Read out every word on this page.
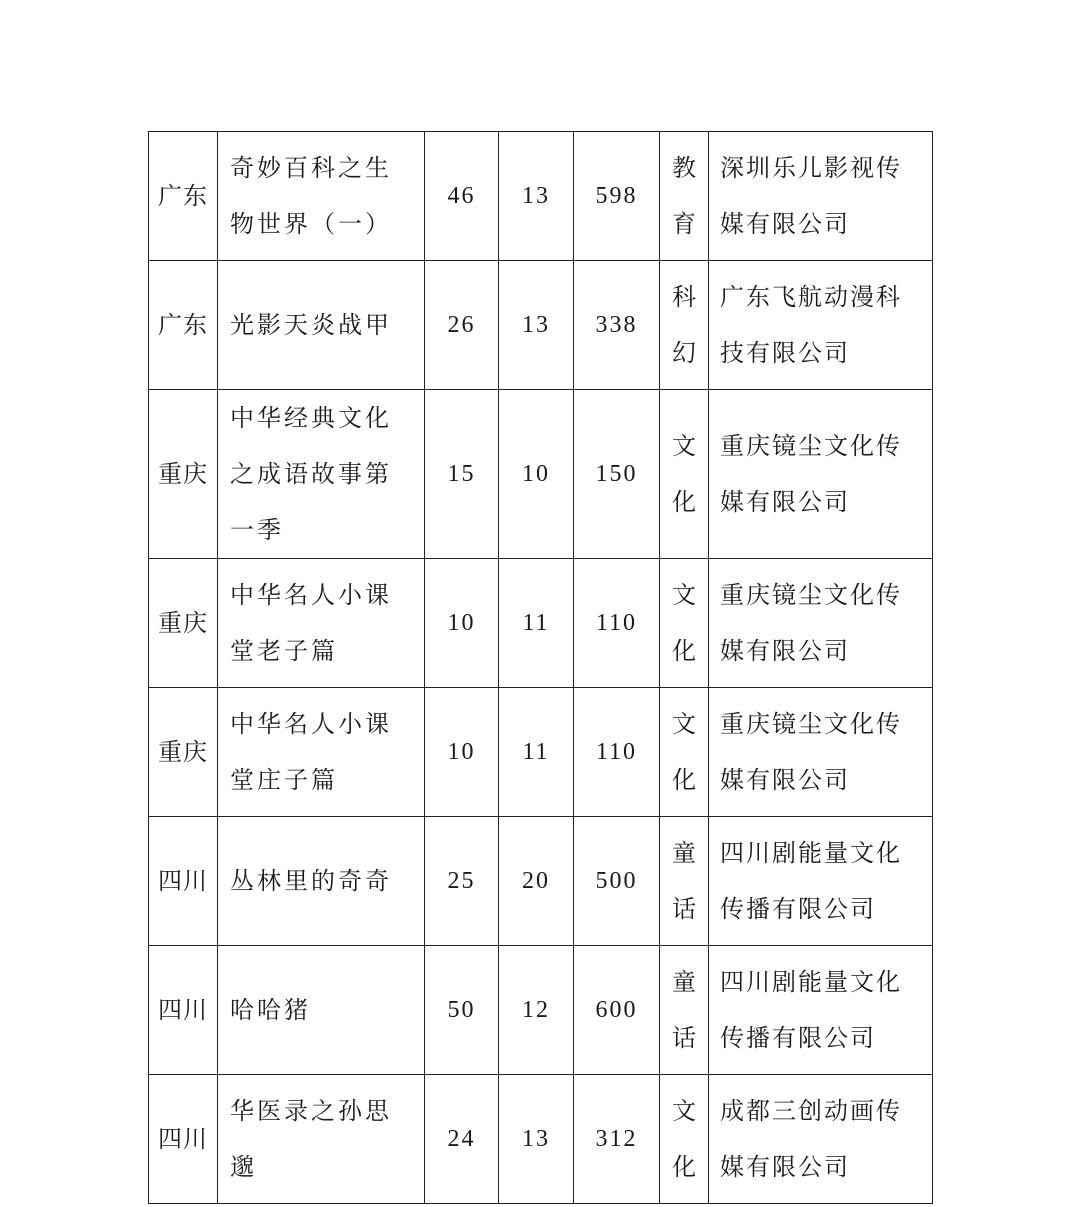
广东	奇妙百科之生物世界（一）	46	13	598	教育	深圳乐儿影视传媒有限公司
广东	光影天炎战甲	26	13	338	科幻	广东飞航动漫科技有限公司
重庆	中华经典文化之成语故事第一季	15	10	150	文化	重庆镜尘文化传媒有限公司
重庆	中华名人小课堂老子篇	10	11	110	文化	重庆镜尘文化传媒有限公司
重庆	中华名人小课堂庄子篇	10	11	110	文化	重庆镜尘文化传媒有限公司
四川	丛林里的奇奇	25	20	500	童话	四川剧能量文化传播有限公司
四川	哈哈猪	50	12	600	童话	四川剧能量文化传播有限公司
四川	华医录之孙思邈	24	13	312	文化	成都三创动画传媒有限公司
